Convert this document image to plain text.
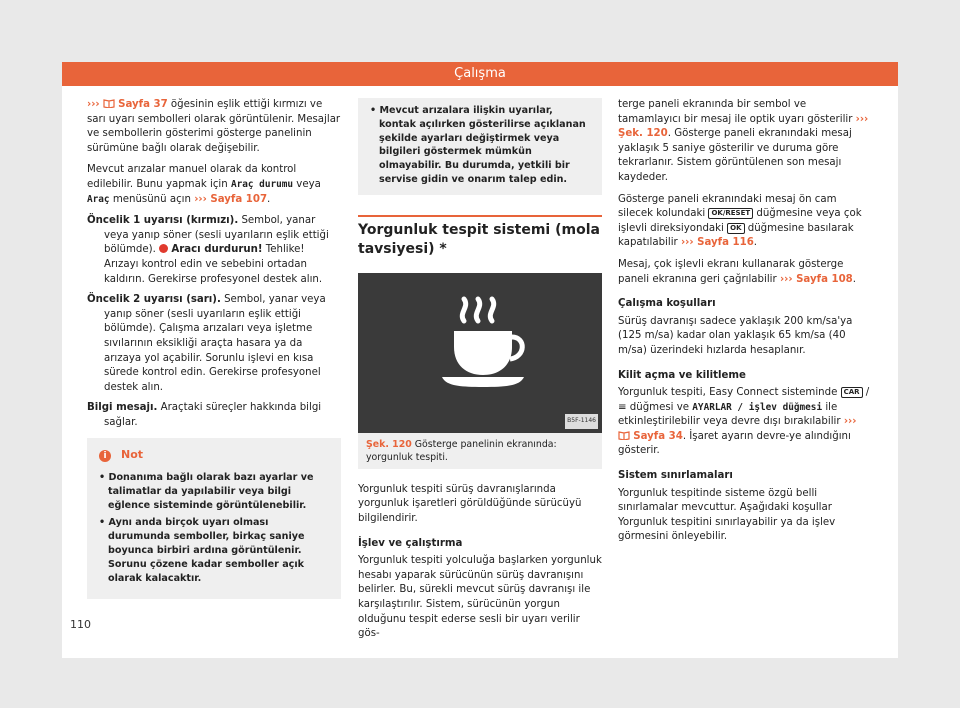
Çalışma

››› Sayfa 37 öğesinin eşlik ettiği kırmızı ve sarı uyarı sembolleri olarak görüntülenir. Mesajlar ve sembollerin gösterimi gösterge panelinin sürümüne bağlı olarak değişebilir.

Mevcut arızalar manuel olarak da kontrol edilebilir. Bunu yapmak için Araç durumu veya Araç menüsünü açın ››› Sayfa 107.

Öncelik 1 uyarısı (kırmızı). Sembol, yanar veya yanıp söner (sesli uyarıların eşlik ettiği bölümde).  Aracı durdurun! Tehlike! Arızayı kontrol edin ve sebebini ortadan kaldırın. Gerekirse profesyonel destek alın.

Öncelik 2 uyarısı (sarı). Sembol, yanar veya yanıp söner (sesli uyarıların eşlik ettiği bölümde). Çalışma arızaları veya işletme sıvılarının eksikliği araçta hasara ya da arızaya yol açabilir. Sorunlu işlevi en kısa sürede kontrol edin. Gerekirse profesyonel destek alın.

Bilgi mesajı. Araçtaki süreçler hakkında bilgi sağlar.

i	Not
• Donanıma bağlı olarak bazı ayarlar ve talimatlar da yapılabilir veya bilgi eğlence sisteminde görüntülenebilir.
• Aynı anda birçok uyarı olması durumunda semboller, birkaç saniye boyunca birbiri ardına görüntülenir. Sorunu çözene kadar semboller açık olarak kalacaktır.
• Mevcut arızalara ilişkin uyarılar, kontak açılırken gösterilirse açıklanan şekilde ayarları değiştirmek veya bilgileri göstermek mümkün olmayabilir. Bu durumda, yetkili bir servise gidin ve onarım talep edin.
Yorgunluk tespit sistemi (mola tavsiyesi) *
B5F-1146
Şek. 120 Gösterge panelinin ekranında: yorgunluk tespiti.

Yorgunluk tespiti sürüş davranışlarında yorgunluk işaretleri görüldüğünde sürücüyü bilgilendirir.

İşlev ve çalıştırma

Yorgunluk tespiti yolculuğa başlarken yorgunluk hesabı yaparak sürücünün sürüş davranışını belirler. Bu, sürekli mevcut sürüş davranışı ile karşılaştırılır. Sistem, sürücünün yorgun olduğunu tespit ederse sesli bir uyarı verilir gös-

terge paneli ekranında bir sembol ve tamamlayıcı bir mesaj ile optik uyarı gösterilir ››› Şek. 120. Gösterge paneli ekranındaki mesaj yaklaşık 5 saniye gösterilir ve duruma göre tekrarlanır. Sistem görüntülenen son mesajı kaydeder.

Gösterge paneli ekranındaki mesaj ön cam silecek kolundaki OK/RESET düğmesine veya çok işlevli direksiyondaki OK düğmesine basılarak kapatılabilir ››› Sayfa 116.

Mesaj, çok işlevli ekranı kullanarak gösterge paneli ekranına geri çağrılabilir ››› Sayfa 108.

Çalışma koşulları

Sürüş davranışı sadece yaklaşık 200 km/sa'ya (125 m/sa) kadar olan yaklaşık 65 km/sa (40 m/sa) üzerindeki hızlarda hesaplanır.

Kilit açma ve kilitleme

Yorgunluk tespiti, Easy Connect sisteminde CAR / ≡ düğmesi ve AYARLAR / işlev düğmesi ile etkinleştirilebilir veya devre dışı bırakılabilir ›››  Sayfa 34. İşaret ayarın devre-ye alındığını gösterir.

Sistem sınırlamaları

Yorgunluk tespitinde sisteme özgü belli sınırlamalar mevcuttur. Aşağıdaki koşullar Yorgunluk tespitini sınırlayabilir ya da işlev görmesini önleyebilir.

110
